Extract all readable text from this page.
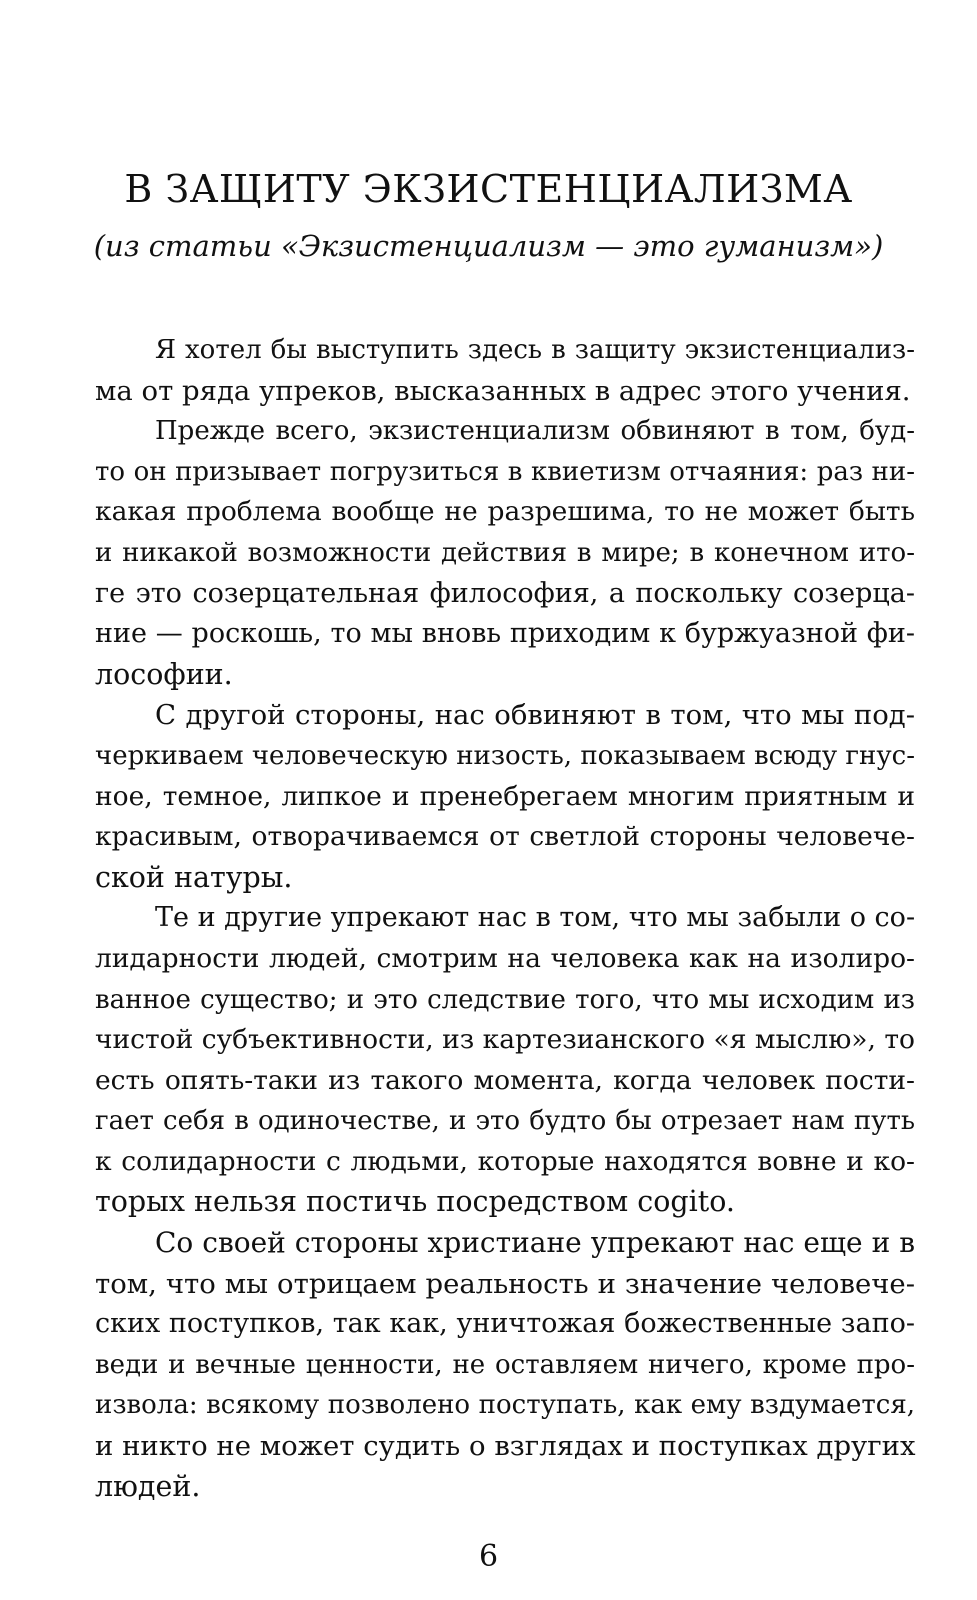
В ЗАЩИТУ ЭКЗИСТЕНЦИАЛИЗМА
(из статьи «Экзистенциализм — это гуманизм»)
Я хотел бы выступить здесь в защиту экзистенциализ-
ма от ряда упреков, высказанных в адрес этого учения.
Прежде всего, экзистенциализм обвиняют в том, буд-
то он призывает погрузиться в квиетизм отчаяния: раз ни-
какая проблема вообще не разрешима, то не может быть
и никакой возможности действия в мире; в конечном ито-
ге это созерцательная философия, а поскольку созерца-
ние — роскошь, то мы вновь приходим к буржуазной фи-
лософии.
С другой стороны, нас обвиняют в том, что мы под-
черкиваем человеческую низость, показываем всюду гнус-
ное, темное, липкое и пренебрегаем многим приятным и
красивым, отворачиваемся от светлой стороны человече-
ской натуры.
Те и другие упрекают нас в том, что мы забыли о со-
лидарности людей, смотрим на человека как на изолиро-
ванное существо; и это следствие того, что мы исходим из
чистой субъективности, из картезианского «я мыслю», то
есть опять-таки из такого момента, когда человек пости-
гает себя в одиночестве, и это будто бы отрезает нам путь
к солидарности с людьми, которые находятся вовне и ко-
торых нельзя постичь посредством cogito.
Со своей стороны христиане упрекают нас еще и в
том, что мы отрицаем реальность и значение человече-
ских поступков, так как, уничтожая божественные запо-
веди и вечные ценности, не оставляем ничего, кроме про-
извола: всякому позволено поступать, как ему вздумается,
и никто не может судить о взглядах и поступках других
людей.
6
